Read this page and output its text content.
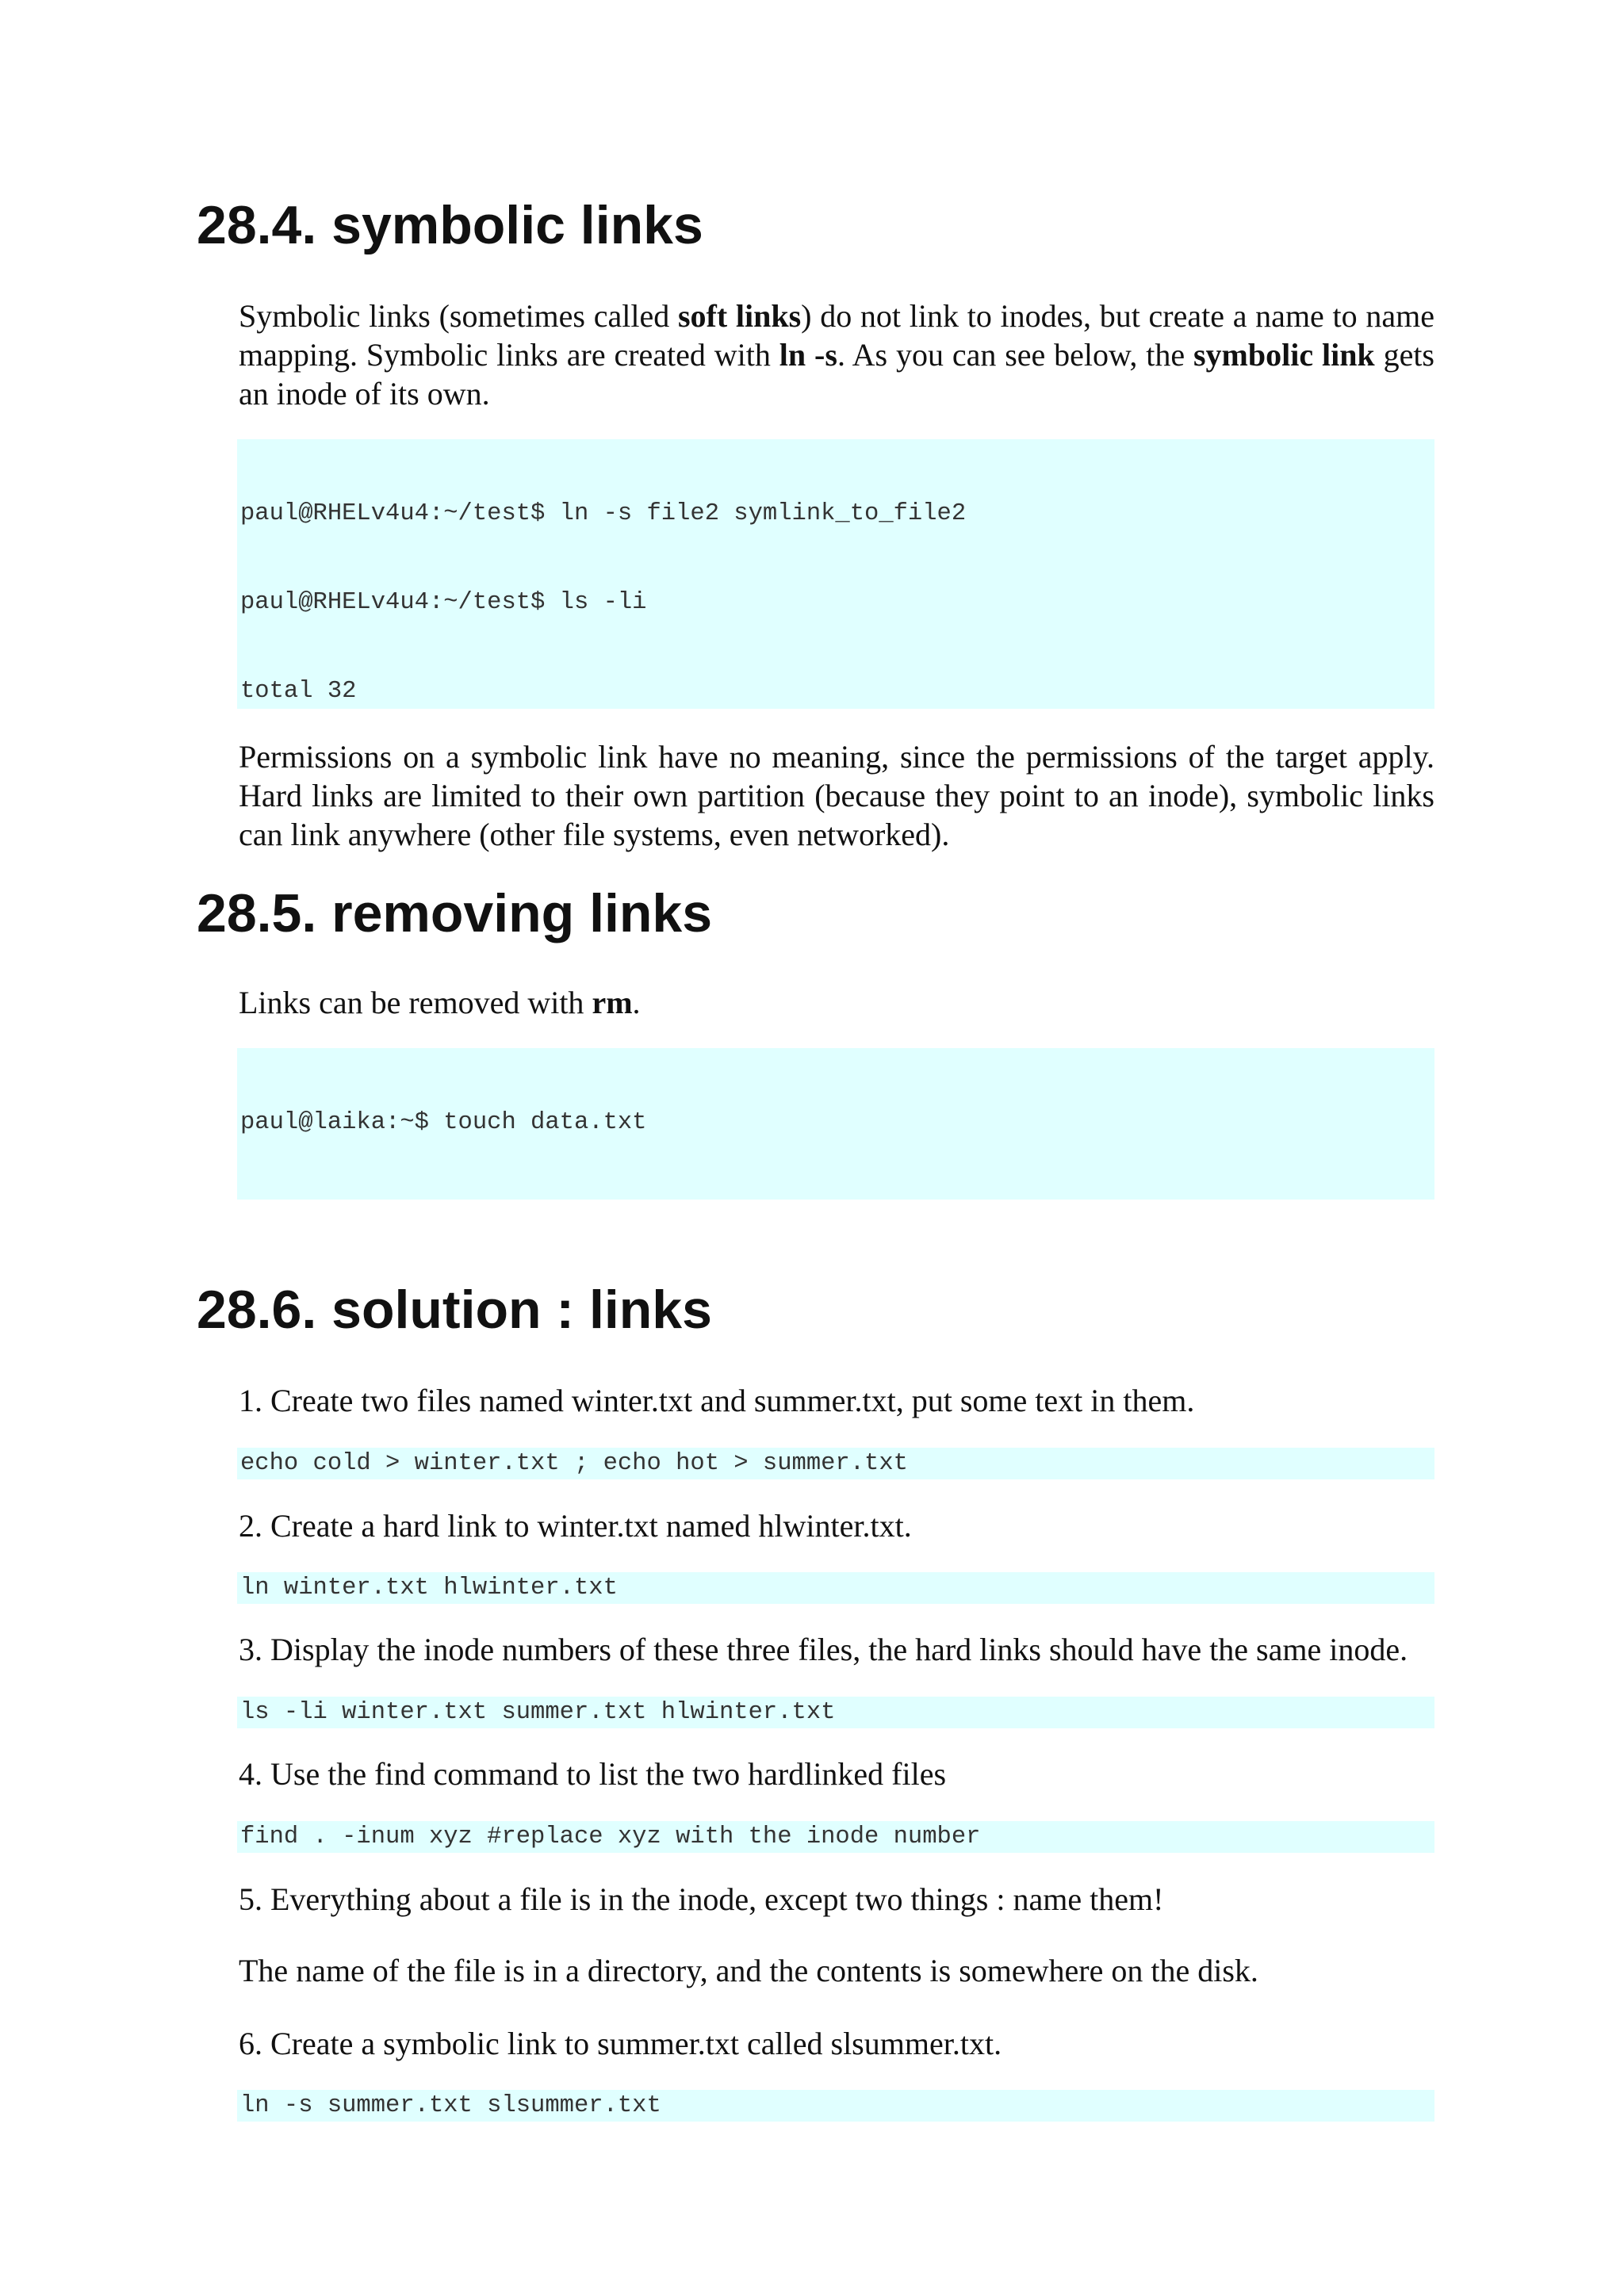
28.4. symbolic links

Symbolic links (sometimes called soft links) do not link to inodes, but create a name to name mapping. Symbolic links are created with ln -s. As you can see below, the symbolic link gets an inode of its own.

paul@RHELv4u4:~/test$ ln -s file2 symlink_to_file2

paul@RHELv4u4:~/test$ ls -li

total 32

Permissions on a symbolic link have no meaning, since the permissions of the target apply. Hard links are limited to their own partition (because they point to an inode), symbolic links can link anywhere (other file systems, even networked).

28.5. removing links

Links can be removed with rm.

paul@laika:~$ touch data.txt

28.6. solution : links

1. Create two files named winter.txt and summer.txt, put some text in them.

echo cold > winter.txt ; echo hot > summer.txt

2. Create a hard link to winter.txt named hlwinter.txt.

ln winter.txt hlwinter.txt

3. Display the inode numbers of these three files, the hard links should have the same inode.

ls -li winter.txt summer.txt hlwinter.txt

4. Use the find command to list the two hardlinked files

find . -inum xyz #replace xyz with the inode number

5. Everything about a file is in the inode, except two things : name them!

The name of the file is in a directory, and the contents is somewhere on the disk.

6. Create a symbolic link to summer.txt called slsummer.txt.

ln -s summer.txt slsummer.txt
